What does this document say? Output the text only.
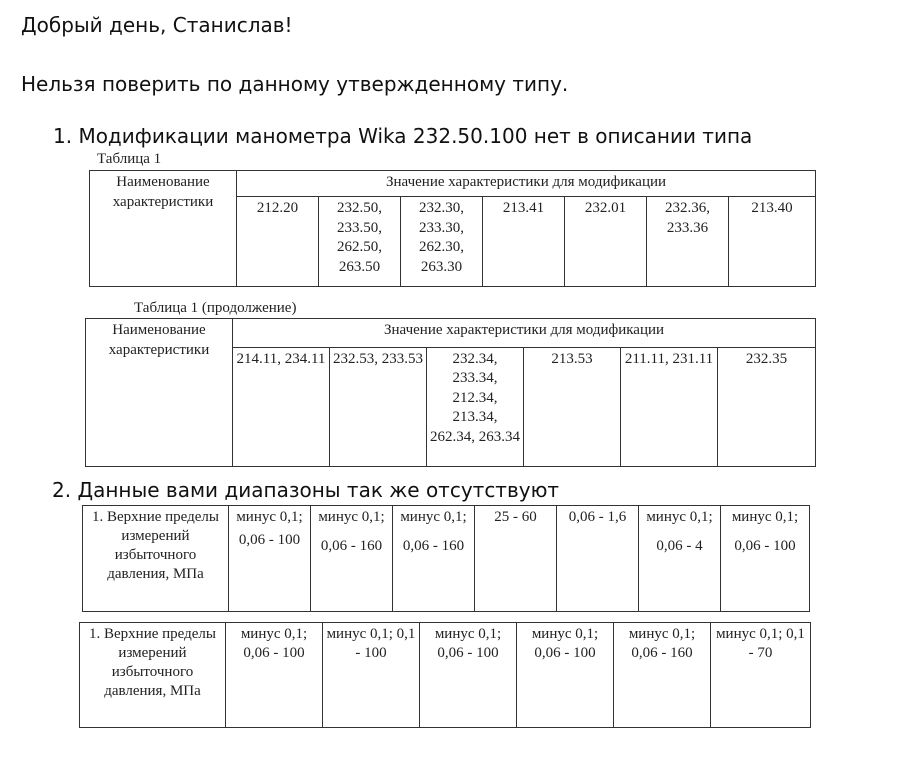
Добрый день, Станислав!
Нельзя поверить по данному утвержденному типу.
1. Модификации манометра Wika 232.50.100 нет в описании типа
Таблица 1
Наименование характеристики	Значение характеристики для модификации						
	212.20	232.50, 233.50, 262.50, 263.50	232.30, 233.30, 262.30, 263.30	213.41	232.01	232.36, 233.36	213.40
Таблица 1 (продолжение)
Наименование характеристики	Значение характеристики для модификации					
	214.11, 234.11	232.53, 233.53	232.34, 233.34, 212.34, 213.34, 262.34, 263.34	213.53	211.11, 231.11	232.35
2. Данные вами диапазоны так же отсутствуют
1. Верхние пределы измерений избыточного давления, МПа	минус 0,1;
0,06 - 100	минус 0,1;

0,06 - 160	минус 0,1;

0,06 - 160	25 - 60	0,06 - 1,6	минус 0,1;

0,06 - 4	минус 0,1;

0,06 - 100
1. Верхние пределы измерений избыточного давления, МПа	минус 0,1; 0,06 - 100	минус 0,1; 0,1 - 100	минус 0,1; 0,06 - 100	минус 0,1; 0,06 - 100	минус 0,1; 0,06 - 160	минус 0,1; 0,1 - 70
